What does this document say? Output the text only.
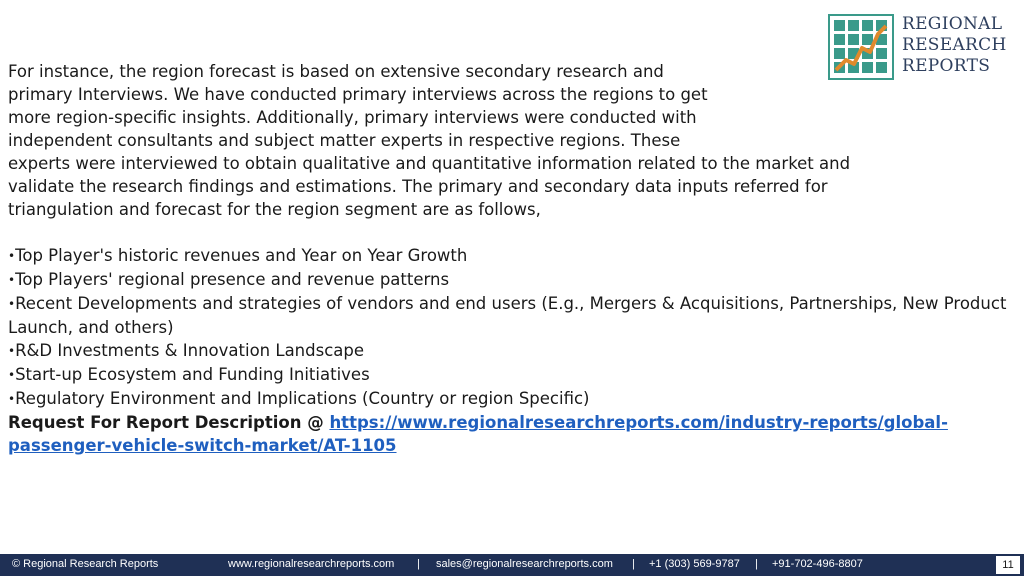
REGIONAL
RESEARCH
REPORTS

For instance, the region forecast is based on extensive secondary research and
primary Interviews. We have conducted primary interviews across the regions to get
more region-specific insights. Additionally, primary interviews were conducted with
independent consultants and subject matter experts in respective regions. These
experts were interviewed to obtain qualitative and quantitative information related to the market and
validate the research findings and estimations. The primary and secondary data inputs referred for
triangulation and forecast for the region segment are as follows,

•Top Player's historic revenues and Year on Year Growth

•Top Players' regional presence and revenue patterns

•Recent Developments and strategies of vendors and end users (E.g., Mergers & Acquisitions, Partnerships, New Product Launch, and others)

•R&D Investments & Innovation Landscape

•Start-up Ecosystem and Funding Initiatives

•Regulatory Environment and Implications (Country or region Specific)

Request For Report Description @ https://www.regionalresearchreports.com/industry-reports/global-passenger-vehicle-switch-market/AT-1105

© Regional Research Reports	www.regionalresearchreports.com | sales@regionalresearchreports.com | +1 (303) 569-9787 | +91-702-496-8807	11
